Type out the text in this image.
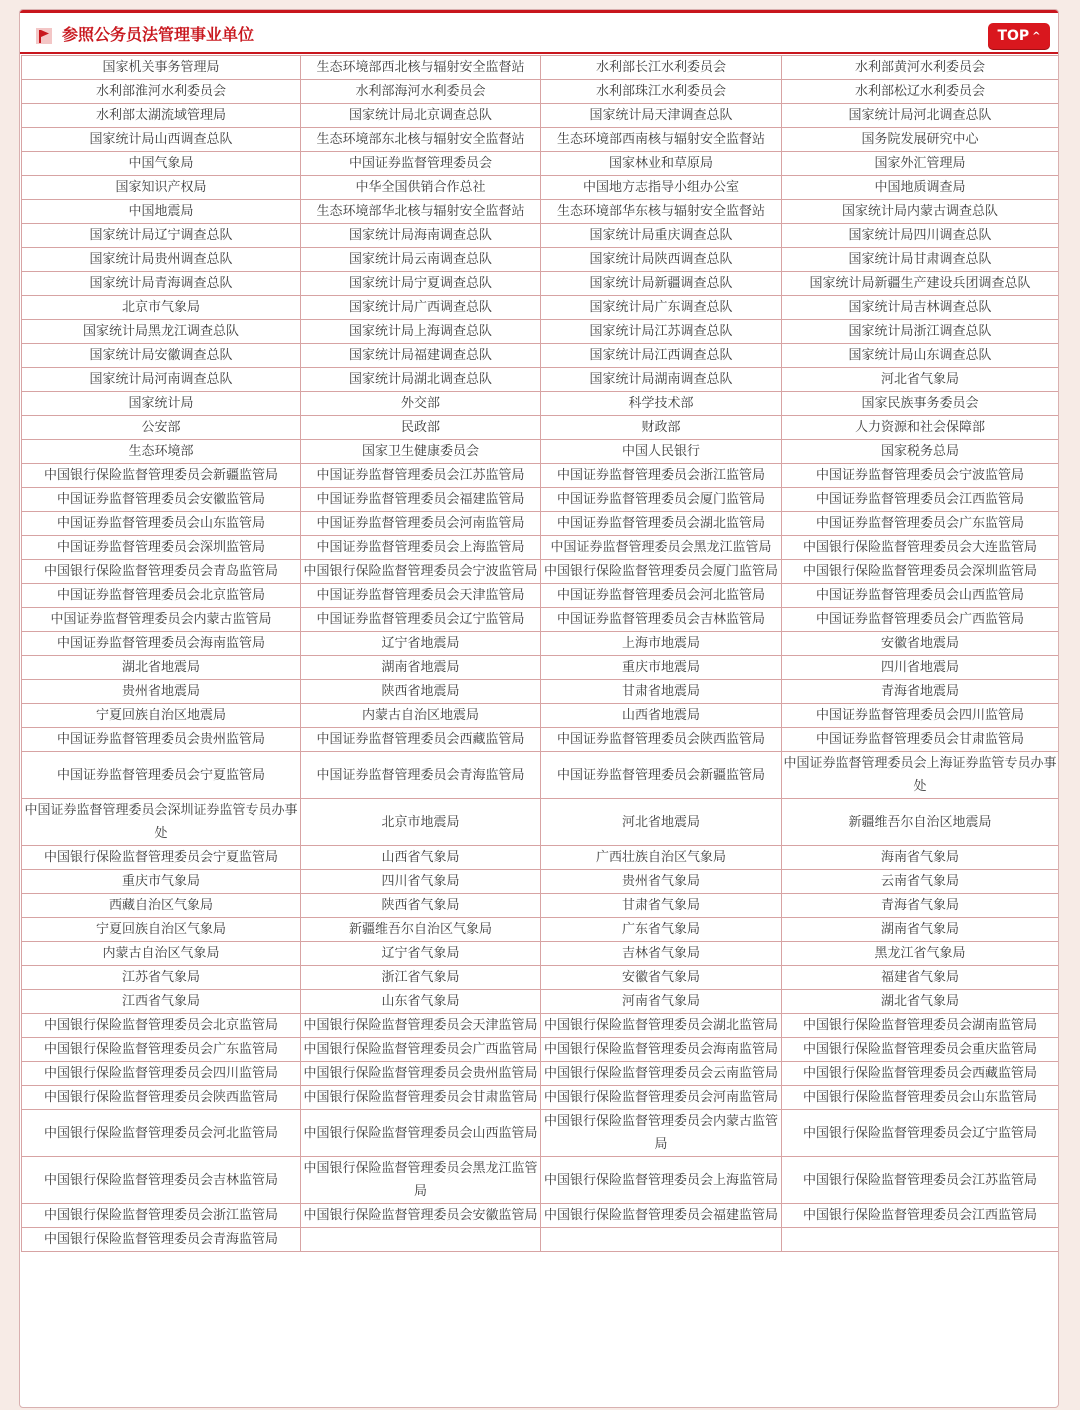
参照公务员法管理事业单位	TOP ^
国家机关事务管理局	生态环境部西北核与辐射安全监督站	水利部长江水利委员会	水利部黄河水利委员会
水利部淮河水利委员会	水利部海河水利委员会	水利部珠江水利委员会	水利部松辽水利委员会
水利部太湖流域管理局	国家统计局北京调查总队	国家统计局天津调查总队	国家统计局河北调查总队
国家统计局山西调查总队	生态环境部东北核与辐射安全监督站	生态环境部西南核与辐射安全监督站	国务院发展研究中心
中国气象局	中国证券监督管理委员会	国家林业和草原局	国家外汇管理局
国家知识产权局	中华全国供销合作总社	中国地方志指导小组办公室	中国地质调查局
中国地震局	生态环境部华北核与辐射安全监督站	生态环境部华东核与辐射安全监督站	国家统计局内蒙古调查总队
国家统计局辽宁调查总队	国家统计局海南调查总队	国家统计局重庆调查总队	国家统计局四川调查总队
国家统计局贵州调查总队	国家统计局云南调查总队	国家统计局陕西调查总队	国家统计局甘肃调查总队
国家统计局青海调查总队	国家统计局宁夏调查总队	国家统计局新疆调查总队	国家统计局新疆生产建设兵团调查总队
北京市气象局	国家统计局广西调查总队	国家统计局广东调查总队	国家统计局吉林调查总队
国家统计局黑龙江调查总队	国家统计局上海调查总队	国家统计局江苏调查总队	国家统计局浙江调查总队
国家统计局安徽调查总队	国家统计局福建调查总队	国家统计局江西调查总队	国家统计局山东调查总队
国家统计局河南调查总队	国家统计局湖北调查总队	国家统计局湖南调查总队	河北省气象局
国家统计局	外交部	科学技术部	国家民族事务委员会
公安部	民政部	财政部	人力资源和社会保障部
生态环境部	国家卫生健康委员会	中国人民银行	国家税务总局
中国银行保险监督管理委员会新疆监管局	中国证券监督管理委员会江苏监管局	中国证券监督管理委员会浙江监管局	中国证券监督管理委员会宁波监管局
中国证券监督管理委员会安徽监管局	中国证券监督管理委员会福建监管局	中国证券监督管理委员会厦门监管局	中国证券监督管理委员会江西监管局
中国证券监督管理委员会山东监管局	中国证券监督管理委员会河南监管局	中国证券监督管理委员会湖北监管局	中国证券监督管理委员会广东监管局
中国证券监督管理委员会深圳监管局	中国证券监督管理委员会上海监管局	中国证券监督管理委员会黑龙江监管局	中国银行保险监督管理委员会大连监管局
中国银行保险监督管理委员会青岛监管局	中国银行保险监督管理委员会宁波监管局	中国银行保险监督管理委员会厦门监管局	中国银行保险监督管理委员会深圳监管局
中国证券监督管理委员会北京监管局	中国证券监督管理委员会天津监管局	中国证券监督管理委员会河北监管局	中国证券监督管理委员会山西监管局
中国证券监督管理委员会内蒙古监管局	中国证券监督管理委员会辽宁监管局	中国证券监督管理委员会吉林监管局	中国证券监督管理委员会广西监管局
中国证券监督管理委员会海南监管局	辽宁省地震局	上海市地震局	安徽省地震局
湖北省地震局	湖南省地震局	重庆市地震局	四川省地震局
贵州省地震局	陕西省地震局	甘肃省地震局	青海省地震局
宁夏回族自治区地震局	内蒙古自治区地震局	山西省地震局	中国证券监督管理委员会四川监管局
中国证券监督管理委员会贵州监管局	中国证券监督管理委员会西藏监管局	中国证券监督管理委员会陕西监管局	中国证券监督管理委员会甘肃监管局
中国证券监督管理委员会宁夏监管局	中国证券监督管理委员会青海监管局	中国证券监督管理委员会新疆监管局	中国证券监督管理委员会上海证券监管专员办事处
中国证券监督管理委员会深圳证券监管专员办事处	北京市地震局	河北省地震局	新疆维吾尔自治区地震局
中国银行保险监督管理委员会宁夏监管局	山西省气象局	广西壮族自治区气象局	海南省气象局
重庆市气象局	四川省气象局	贵州省气象局	云南省气象局
西藏自治区气象局	陕西省气象局	甘肃省气象局	青海省气象局
宁夏回族自治区气象局	新疆维吾尔自治区气象局	广东省气象局	湖南省气象局
内蒙古自治区气象局	辽宁省气象局	吉林省气象局	黑龙江省气象局
江苏省气象局	浙江省气象局	安徽省气象局	福建省气象局
江西省气象局	山东省气象局	河南省气象局	湖北省气象局
中国银行保险监督管理委员会北京监管局	中国银行保险监督管理委员会天津监管局	中国银行保险监督管理委员会湖北监管局	中国银行保险监督管理委员会湖南监管局
中国银行保险监督管理委员会广东监管局	中国银行保险监督管理委员会广西监管局	中国银行保险监督管理委员会海南监管局	中国银行保险监督管理委员会重庆监管局
中国银行保险监督管理委员会四川监管局	中国银行保险监督管理委员会贵州监管局	中国银行保险监督管理委员会云南监管局	中国银行保险监督管理委员会西藏监管局
中国银行保险监督管理委员会陕西监管局	中国银行保险监督管理委员会甘肃监管局	中国银行保险监督管理委员会河南监管局	中国银行保险监督管理委员会山东监管局
中国银行保险监督管理委员会河北监管局	中国银行保险监督管理委员会山西监管局	中国银行保险监督管理委员会内蒙古监管局	中国银行保险监督管理委员会辽宁监管局
中国银行保险监督管理委员会吉林监管局	中国银行保险监督管理委员会黑龙江监管局	中国银行保险监督管理委员会上海监管局	中国银行保险监督管理委员会江苏监管局
中国银行保险监督管理委员会浙江监管局	中国银行保险监督管理委员会安徽监管局	中国银行保险监督管理委员会福建监管局	中国银行保险监督管理委员会江西监管局
中国银行保险监督管理委员会青海监管局			
